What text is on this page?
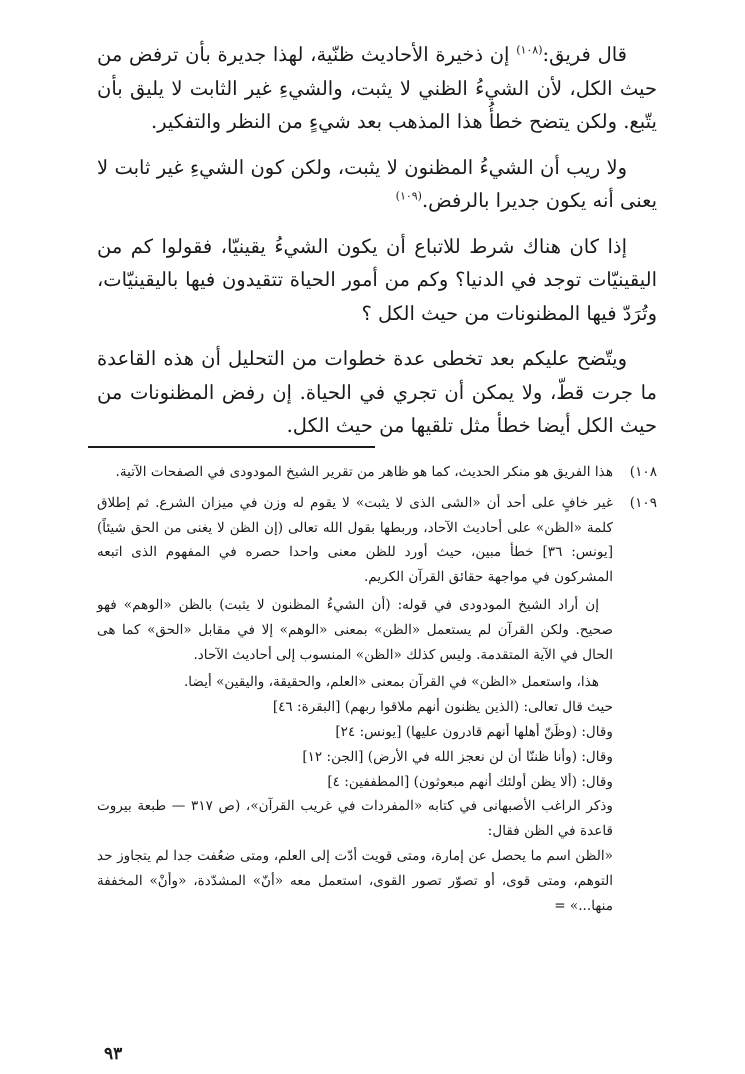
قال فريق:$^{(١٠٨)}$ إن ذخيرة الأحاديث ظنّية، لهذا جديرة بأن ترفض من حيث الكل، لأن الشيءُ الظني لا يثبت، والشيءِ غير الثابت لا يليق بأن يتّبع. ولكن يتضح خطأُ هذا المذهب بعد شيءٍ من النظر والتفكير.

ولا ريب أن الشيءُ المظنون لا يثبت، ولكن كون الشيءِ غير ثابت لا يعنى أنه يكون جديرا بالرفض.$^{(١٠٩)}$

إذا كان هناك شرط للاتباع أن يكون الشيءُ يقينيّا، فقولوا كم من اليقينيّات توجد في الدنيا؟ وكم من أمور الحياة تتقيدون فيها باليقينيّات، وتُرَدّ فيها المظنونات من حيث الكل ؟

ويتّضح عليكم بعد تخطى عدة خطوات من التحليل أن هذه القاعدة ما جرت قطّ، ولا يمكن أن تجري في الحياة. إن رفض المظنونات من حيث الكل أيضا خطأ مثل تلقيها من حيث الكل.

١٠٨)

هذا الفريق هو منكر الحديث، كما هو ظاهر من تقرير الشيخ المودودى في الصفحات الآتية.

١٠٩)

غير خافٍ على أحد أن «الشى الذى لا يثبت» لا يقوم له وزن في ميزان الشرع. ثم إطلاق كلمة «الظن» على أحاديث الآحاد، وربطها بقول الله تعالى (إن الظن لا يغنى من الحق شيئاً) [يونس: ٣٦] خطأ مبين، حيث أورد للظن معنى واحدا حصره في المفهوم الذى اتبعه المشركون في مواجهة حقائق القرآن الكريم.

إن أراد الشيخ المودودى في قوله: (أن الشيءُ المظنون لا يثبت) بالظن «الوهم» فهو صحيح. ولكن القرآن لم يستعمل «الظن» بمعنى «الوهم» إلا في مقابل «الحق» كما هى الحال في الآية المتقدمة. وليس كذلك «الظن» المنسوب إلى أحاديث الآحاد.

هذا، واستعمل «الظن» في القرآن بمعنى «العلم، والحقيقة، واليقين» أيضا.

حيث قال تعالى: (الذين يظنون أنهم ملاقوا ربهم) [البقرة: ٤٦]

وقال: (وظَنّ أهلها أنهم قادرون عليها) [يونس: ٢٤]

وقال: (وأنا ظننّا أن لن نعجز الله في الأرض) [الجن: ١٢]

وقال: (ألا يظن أولئك أنهم مبعوثون) [المطففين: ٤]

وذكر الراغب الأصبهانى في كتابه «المفردات في غريب القرآن»، (ص ٣١٧ — طبعة بيروت قاعدة في الظن فقال:

«الظن اسم ما يحصل عن إمارة، ومتى قويت أدّت إلى العلم، ومتى ضعُفت جدا لم يتجاوز حد التوهم، ومتى قوى، أو تصوّر تصور القوى، استعمل معه «أنّ» المشدّدة، «وأنْ» المخففة منها...» =

٩٣
